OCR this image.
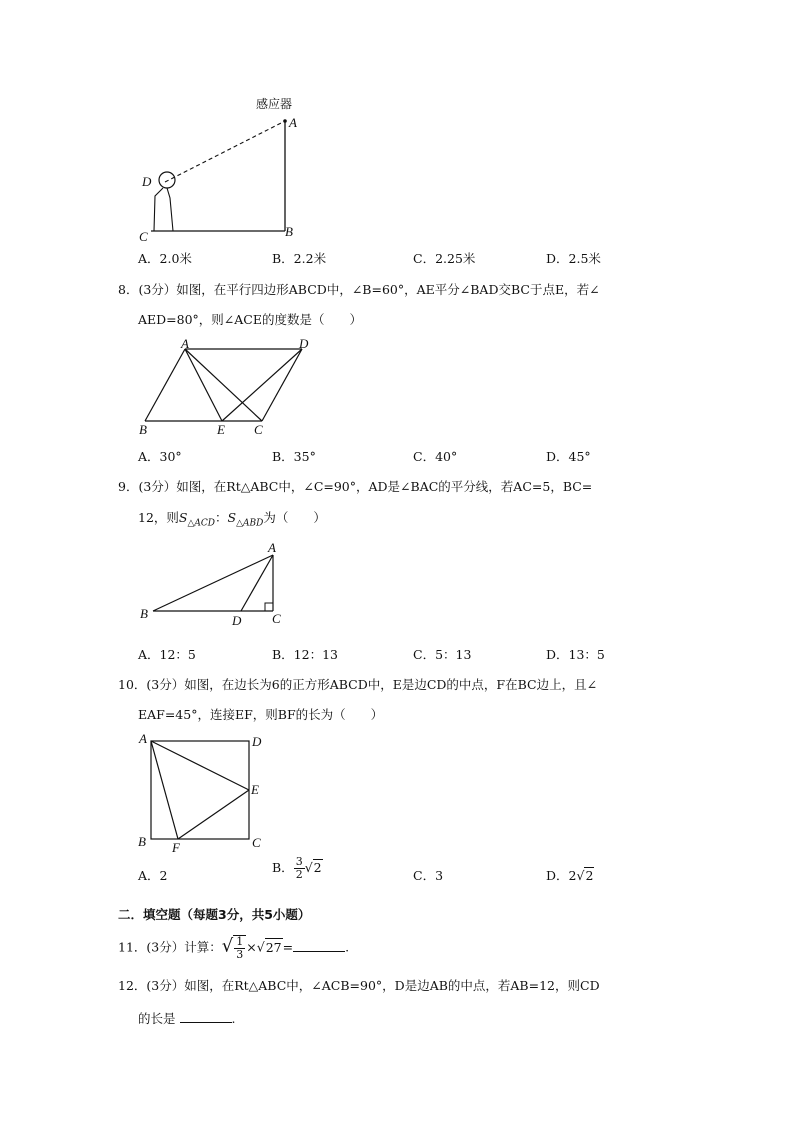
感应器
A
D
C	B
A．2.0米	B．2.2米	C．2.25米	D．2.5米
8．(3分）如图，在平行四边形ABCD中，∠B=60°，AE平分∠BAD交BC于点E，若∠
AED=80°，则∠ACE的度数是（　　）
A	D
B	E C
A．30°	B．35°	C．40°	D．45°
9．(3分）如图，在Rt△ABC中，∠C=90°，AD是∠BAC的平分线，若AC=5，BC=
12，则$S_{\triangle ACD}$：$S_{\triangle ABD}$为（　　）
A
B	D C
A．12：5	B．12：13	C．5：13	D．13：5
10．(3分）如图，在边长为6的正方形ABCD中，E是边CD的中点，F在BC边上，且∠
EAF=45°，连接EF，则BF的长为（　　）
A	D
E
B	C
F
A．2
B． $\frac{3}{2} √2$
C．3	D．2√2
二．填空题（每题3分，共5小题）
11．(3分）计算：√ $\frac{1}{3} \times√27=$	.
12．(3分）如图，在Rt△ABC中，∠ACB=90°，D是边AB的中点，若AB=12，则CD
的长是	.
